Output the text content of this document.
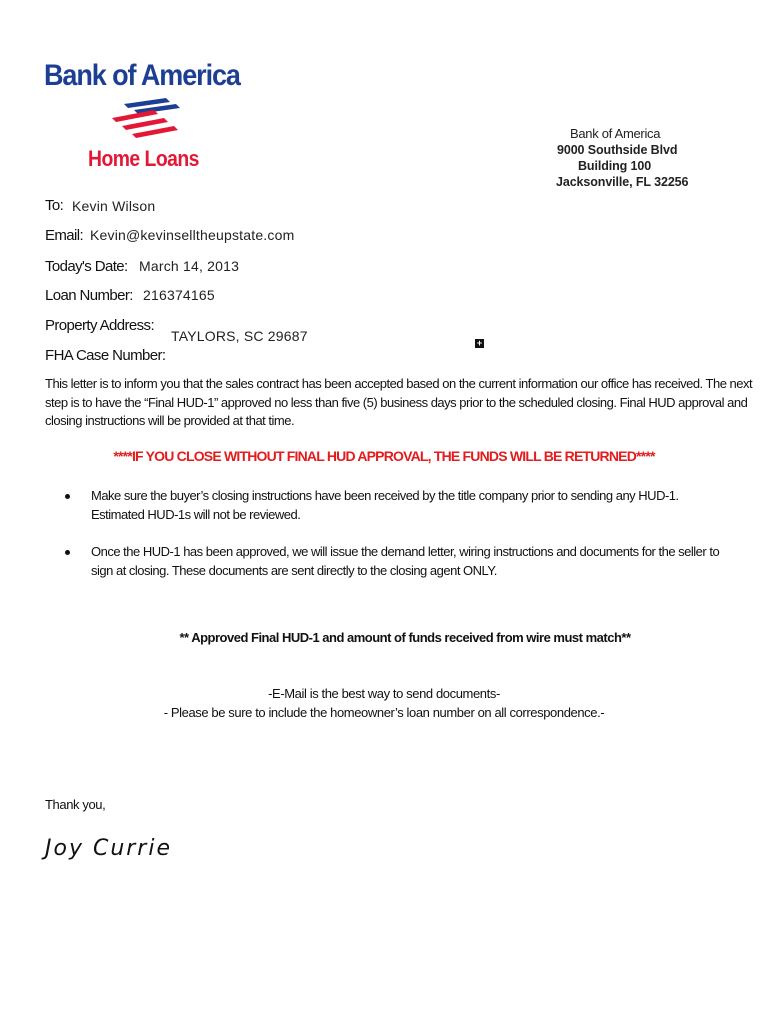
Bank of America
Home Loans
Bank of America
9000 Southside Blvd
Building 100
Jacksonville, FL 32256
To: Kevin Wilson
Email: Kevin@kevinselltheupstate.com
Today's Date: March 14, 2013
Loan Number: 216374165
Property Address:
TAYLORS, SC 29687
FHA Case Number:
+
This letter is to inform you that the sales contract has been accepted based on the current information our office has received. The next step is to have the “Final HUD-1” approved no less than five (5) business days prior to the scheduled closing. Final HUD approval and closing instructions will be provided at that time.
****IF YOU CLOSE WITHOUT FINAL HUD APPROVAL, THE FUNDS WILL BE RETURNED****
Make sure the buyer’s closing instructions have been received by the title company prior to sending any HUD-1. Estimated HUD-1s will not be reviewed.
Once the HUD-1 has been approved, we will issue the demand letter, wiring instructions and documents for the seller to sign at closing. These documents are sent directly to the closing agent ONLY.
** Approved Final HUD-1 and amount of funds received from wire must match**
-E-Mail is the best way to send documents-
- Please be sure to include the homeowner’s loan number on all correspondence.-
Thank you,
Joy Currie
